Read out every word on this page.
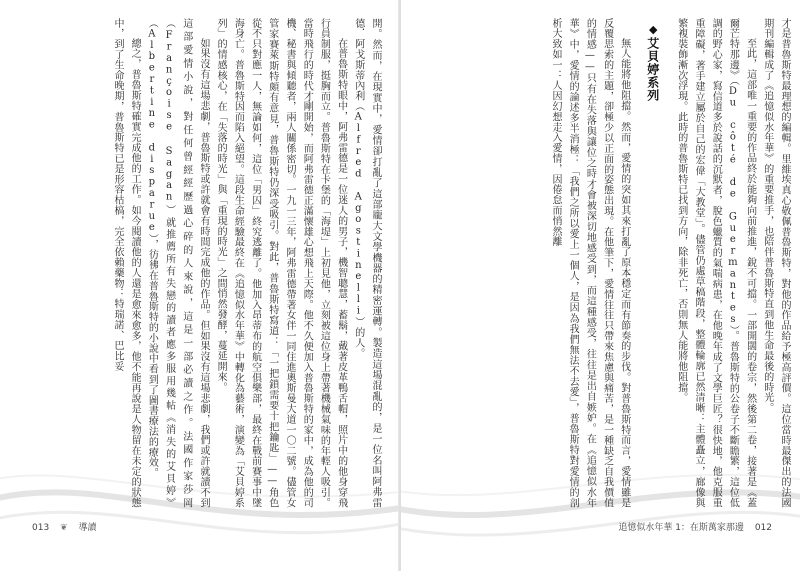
開。然而，在現實中，愛情卻打亂了這部龐大文學機器的精密運轉。製造這場混亂的，是一位名叫阿弗雷德．阿戈斯蒂內利（Alfred Agostinelli）的人。

在普魯斯特眼中，阿弗雷德是一位迷人的男子，機智聰慧，蓄鬍，戴著皮革鴨舌帽，照片中的他身穿飛行員制服，挺胸而立。普魯斯特在卡堡的「海堤」上初見他，立刻被這位身上帶著機械氣味的年輕人吸引。當時飛行的時代才剛開始，而阿弗雷德正滿懷雄心想飛上天際。他不久便加入普魯斯特的家中，成為他的司機、秘書與傾聽者，兩人關係密切。一九一三年，阿弗雷德帶著女伴一同住進奧斯曼大道一〇二號。儘管女管家賽萊斯特頗有意見，普魯斯特仍深受吸引。對此，普魯斯特寫道：「一把鎖需要十把鑰匙」——角色從不只對應一人，無論如何，這位「男囚」終究逃離了。他加入昂蒂布的航空俱樂部，最終在戰前賽事中墜海身亡。普魯斯特因而陷入絕望。這段生命經驗最終在《追憶似水年華》中轉化為藝術，演變為「艾貝婷系列」的情感核心，在「失落的時光」與「重現的時光」之間悄然發酵，蔓延開來。

如果沒有這場悲劇，普魯斯特或許就會有時間完成他的作品。但如果沒有這場悲劇，我們或許就讀不到這部愛情小說，對任何曾經經歷過心碎的人來說，這是一部必讀之作。法國作家莎岡（Françoise Sagan）就推薦所有失戀的讀者應多服用幾帖《消失的艾貝婷》（Albertine disparue），彷彿在普魯斯特的小說中看到了圖書療法的療效。

總之，普魯斯特確實完成他的工作。如今閱讀他的人還是愈來愈多，他不能再說是人物留在未定的狀態中，到了生命晚期，普魯斯特已是形容枯槁，完全依賴藥物：特瑞諾、巴比妥

013 ❦ 導讀

才是普魯斯特最理想的編輯。里維埃真心敬佩普魯斯特，對他的作品給予極高評價。這位當時最傑出的法國期刊編輯成了《追憶似水年華》的重要推手，也陪伴普魯斯特直到他生命最後的時光。

至此，這部唯一重要的作品終於能夠向前推進，銳不可擋。一部開闊的卷宗，然後第二卷，接著是《蓋爾芒特那邊》（Du côté de Guermantes）。普魯斯特的公卷子不斷瞻繁，這位低調的野心家，寫信道多於說話的沉默者，脫色蠟質的氣喘病患，在他晚年成了文學巨匠？很快地，他克服重重障礙，著手建立屬於自己的宏偉「大教堂」。儘管仍處草稿階段，整體輪廓已然清晰：主體矗立，廊像與繁複裝飾漸次浮現。此時的普魯斯特已找到方向，除非死亡，否則無人能將他阻擋。

◆艾貝婷系列

無人能將他阻擋。然而，愛情的突如其來打亂了原本穩定而有節奏的步伐。對普魯斯特而言，愛情雖是反覆思索的主題，卻極少以正面的姿態出現。在他筆下，愛情往往只帶來焦慮與痛苦，是一種缺乏自我價值的情感——只有在失落與讓位之時才會被深切地感受到，而這種感受，往往是出自嫉妒。在《追憶似水年華》中，愛情的論述多半消極：「我們之所以愛上一個人，是因為我們無法不去愛」，普魯斯特對愛情的剖析大致如一：人因幻想走入愛情，因倦怠而悄然離

追憶似水年華 1：在斯萬家那邊 012
